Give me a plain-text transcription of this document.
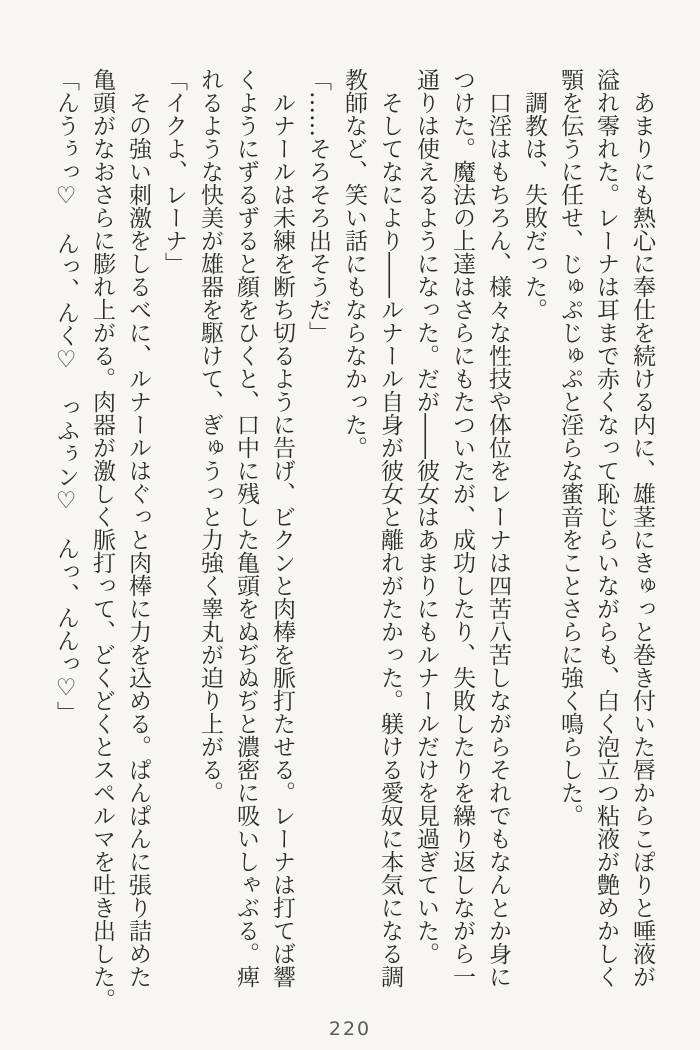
　あまりにも熱心に奉仕を続ける内に、雄茎にきゅっと巻き付いた唇からこぽりと唾液が
溢れ零れた。レーナは耳まで赤くなって恥じらいながらも、白く泡立つ粘液が艶めかしく
顎を伝うに任せ、じゅぷじゅぷと淫らな蜜音をことさらに強く鳴らした。
　調教は、失敗だった。
　口淫はもちろん、様々な性技や体位をレーナは四苦八苦しながらそれでもなんとか身に
つけた。魔法の上達はさらにもたついたが、成功したり、失敗したりを繰り返しながら一
通りは使えるようになった。だが――彼女はあまりにもルナールだけを見過ぎていた。
　そしてなにより――ルナール自身が彼女と離れがたかった。躾ける愛奴に本気になる調
教師など、笑い話にもならなかった。
「……そろそろ出そうだ」
　ルナールは未練を断ち切るように告げ、ビクンと肉棒を脈打たせる。レーナは打てば響
くようにずるずると顔をひくと、口中に残した亀頭をぬぢぬぢと濃密に吸いしゃぶる。痺
れるような快美が雄器を駆けて、ぎゅうっと力強く睾丸が迫り上がる。
「イクよ、レーナ」
　その強い刺激をしるべに、ルナールはぐっと肉棒に力を込める。ぱんぱんに張り詰めた
亀頭がなおさらに膨れ上がる。肉器が激しく脈打って、どくどくとスペルマを吐き出した。
「んうぅっ♡　んっ、んく♡　っふぅン♡　んっ、んんっ♡」
220
